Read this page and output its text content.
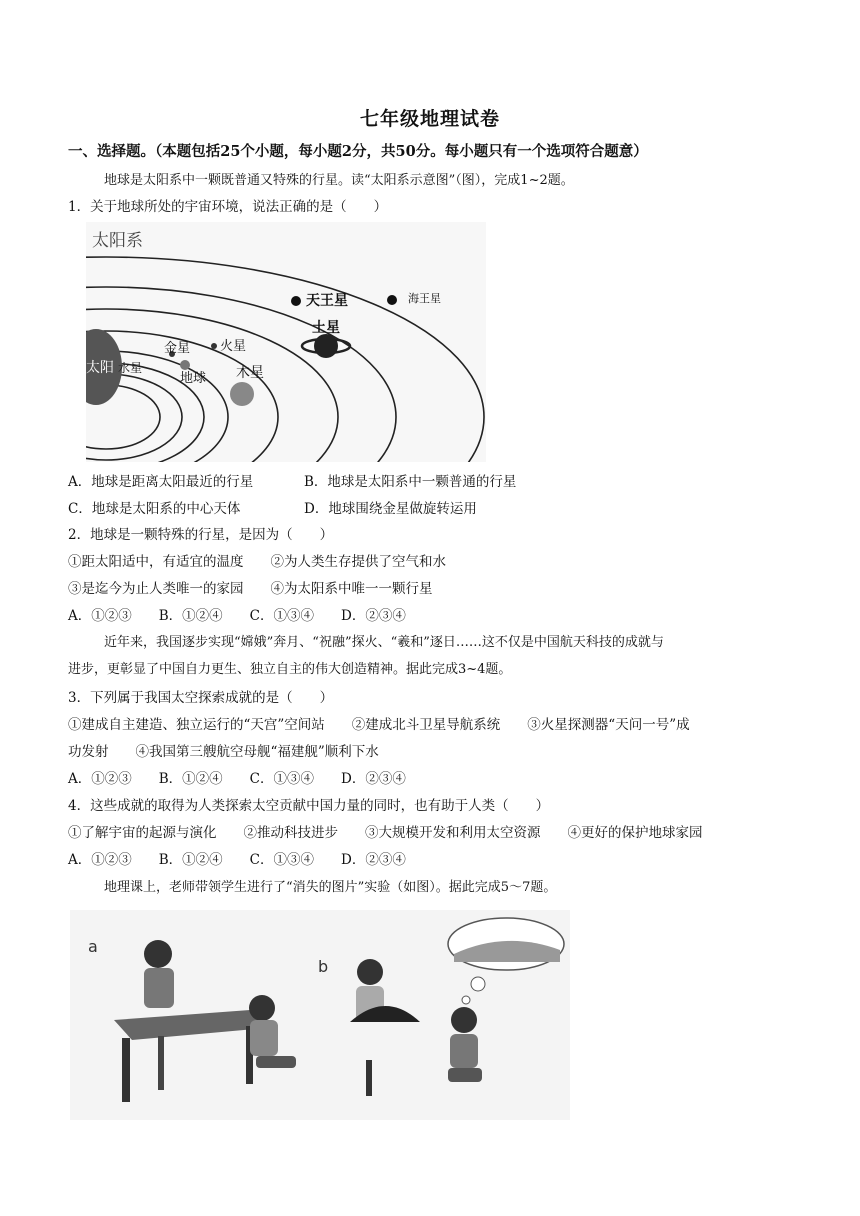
七年级地理试卷
一、选择题。（本题包括25个小题，每小题2分，共50分。每小题只有一个选项符合题意）
地球是太阳系中一颗既普通又特殊的行星。读“太阳系示意图”（图），完成1~2题。
1．关于地球所处的宇宙环境，说法正确的是（　　）
太阳系
太阳 水星
金星 火星
地球 木星
土星
天王星	海王星
A．地球是距离太阳最近的行星	B．地球是太阳系中一颗普通的行星
C．地球是太阳系的中心天体	D．地球围绕金星做旋转运用
2．地球是一颗特殊的行星，是因为（　　）
①距太阳适中，有适宜的温度　　②为人类生存提供了空气和水
③是迄今为止人类唯一的家园　　④为太阳系中唯一一颗行星
A．①②③　　B．①②④　　C．①③④　　D．②③④
近年来，我国逐步实现“嫦娥”奔月、“祝融”探火、“羲和”逐日……这不仅是中国航天科技的成就与
进步，更彰显了中国自力更生、独立自主的伟大创造精神。据此完成3~4题。
3．下列属于我国太空探索成就的是（　　）
①建成自主建造、独立运行的“天宫”空间站　　②建成北斗卫星导航系统　　③火星探测器“天问一号”成
功发射　　④我国第三艘航空母舰“福建舰”顺利下水
A．①②③　　B．①②④　　C．①③④　　D．②③④
4．这些成就的取得为人类探索太空贡献中国力量的同时，也有助于人类（　　）
①了解宇宙的起源与演化　　②推动科技进步　　③大规模开发和利用太空资源　　④更好的保护地球家园
A．①②③　　B．①②④　　C．①③④　　D．②③④
地理课上，老师带领学生进行了“消失的图片”实验（如图）。据此完成5～7题。
a
b
